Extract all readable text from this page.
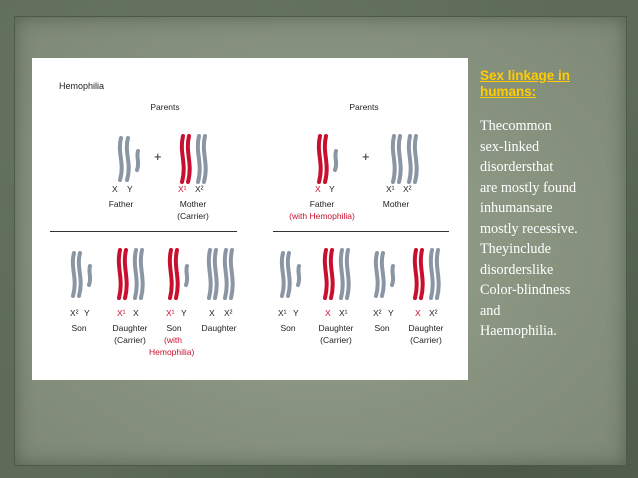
Hemophilia
Parents
+	+
X Y	X¹ X²
Father	Mother
(Carrier)
Parents
X Y	X¹ X²
Father
(with Hemophilia)
Mother
X² Y	X¹ X	X¹ Y	X X²
Son	Daughter
(Carrier)
Son
(with
Hemophilia)
Daughter
X¹ Y	X X¹	X² Y	X X²
Son	Daughter
(Carrier)
Son Daughter
(Carrier)
Sex linkage in
humans:
Thecommon
sex-linked
disordersthat
are mostly found
inhumansare
mostly recessive.
Theyinclude
disorderslike
Color-blindness
and
Haemophilia.
